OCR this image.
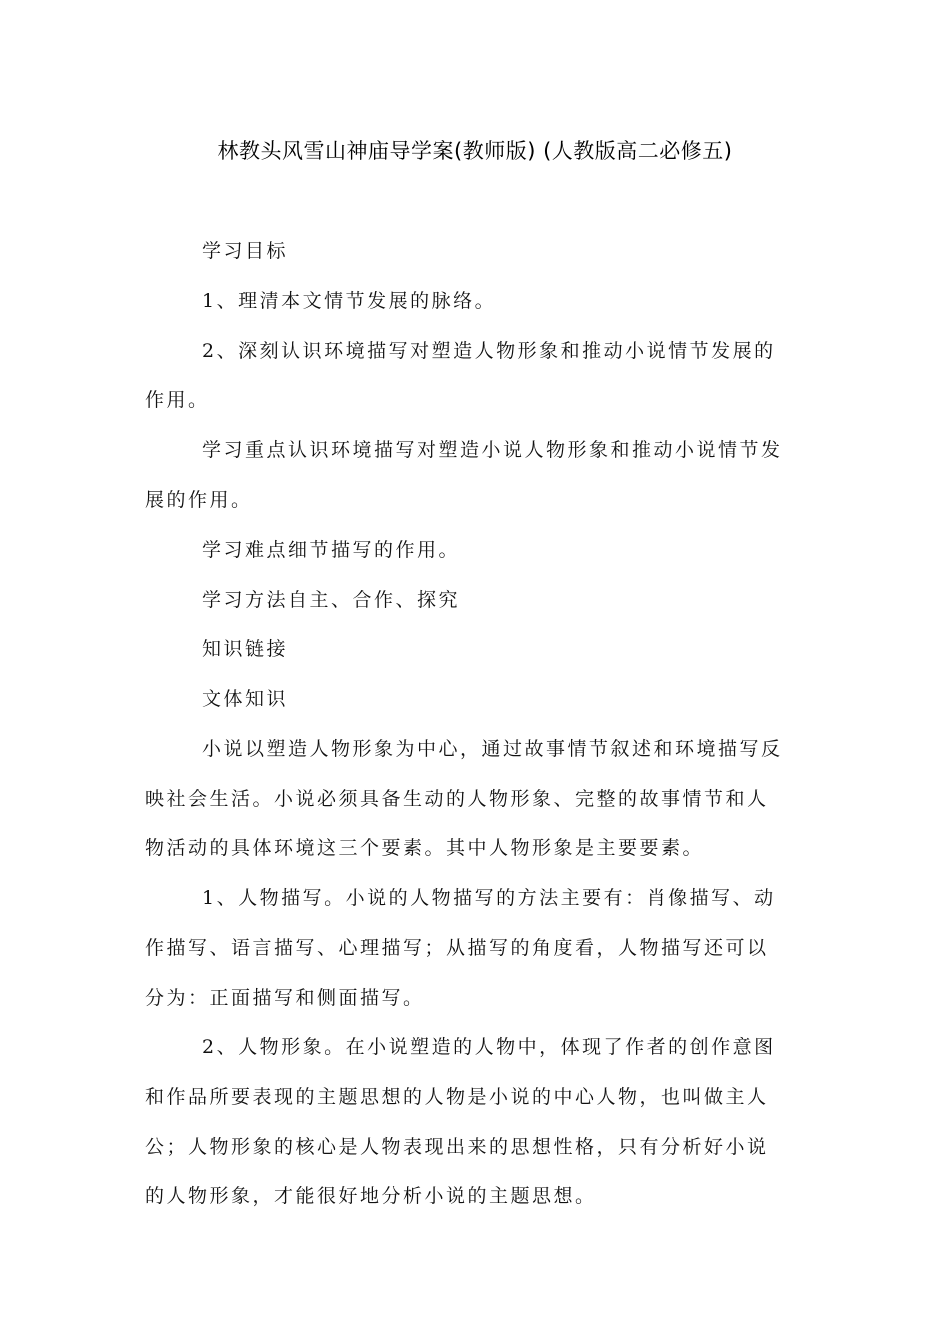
林教头风雪山神庙导学案(教师版) (人教版高二必修五)
学习目标
1、理清本文情节发展的脉络。
2、深刻认识环境描写对塑造人物形象和推动小说情节发展的
作用。
学习重点认识环境描写对塑造小说人物形象和推动小说情节发
展的作用。
学习难点细节描写的作用。
学习方法自主、合作、探究
知识链接
文体知识
小说以塑造人物形象为中心，通过故事情节叙述和环境描写反
映社会生活。小说必须具备生动的人物形象、完整的故事情节和人
物活动的具体环境这三个要素。其中人物形象是主要要素。
1、人物描写。小说的人物描写的方法主要有：肖像描写、动
作描写、语言描写、心理描写；从描写的角度看，人物描写还可以
分为：正面描写和侧面描写。
2、人物形象。在小说塑造的人物中，体现了作者的创作意图
和作品所要表现的主题思想的人物是小说的中心人物，也叫做主人
公；人物形象的核心是人物表现出来的思想性格，只有分析好小说
的人物形象，才能很好地分析小说的主题思想。
